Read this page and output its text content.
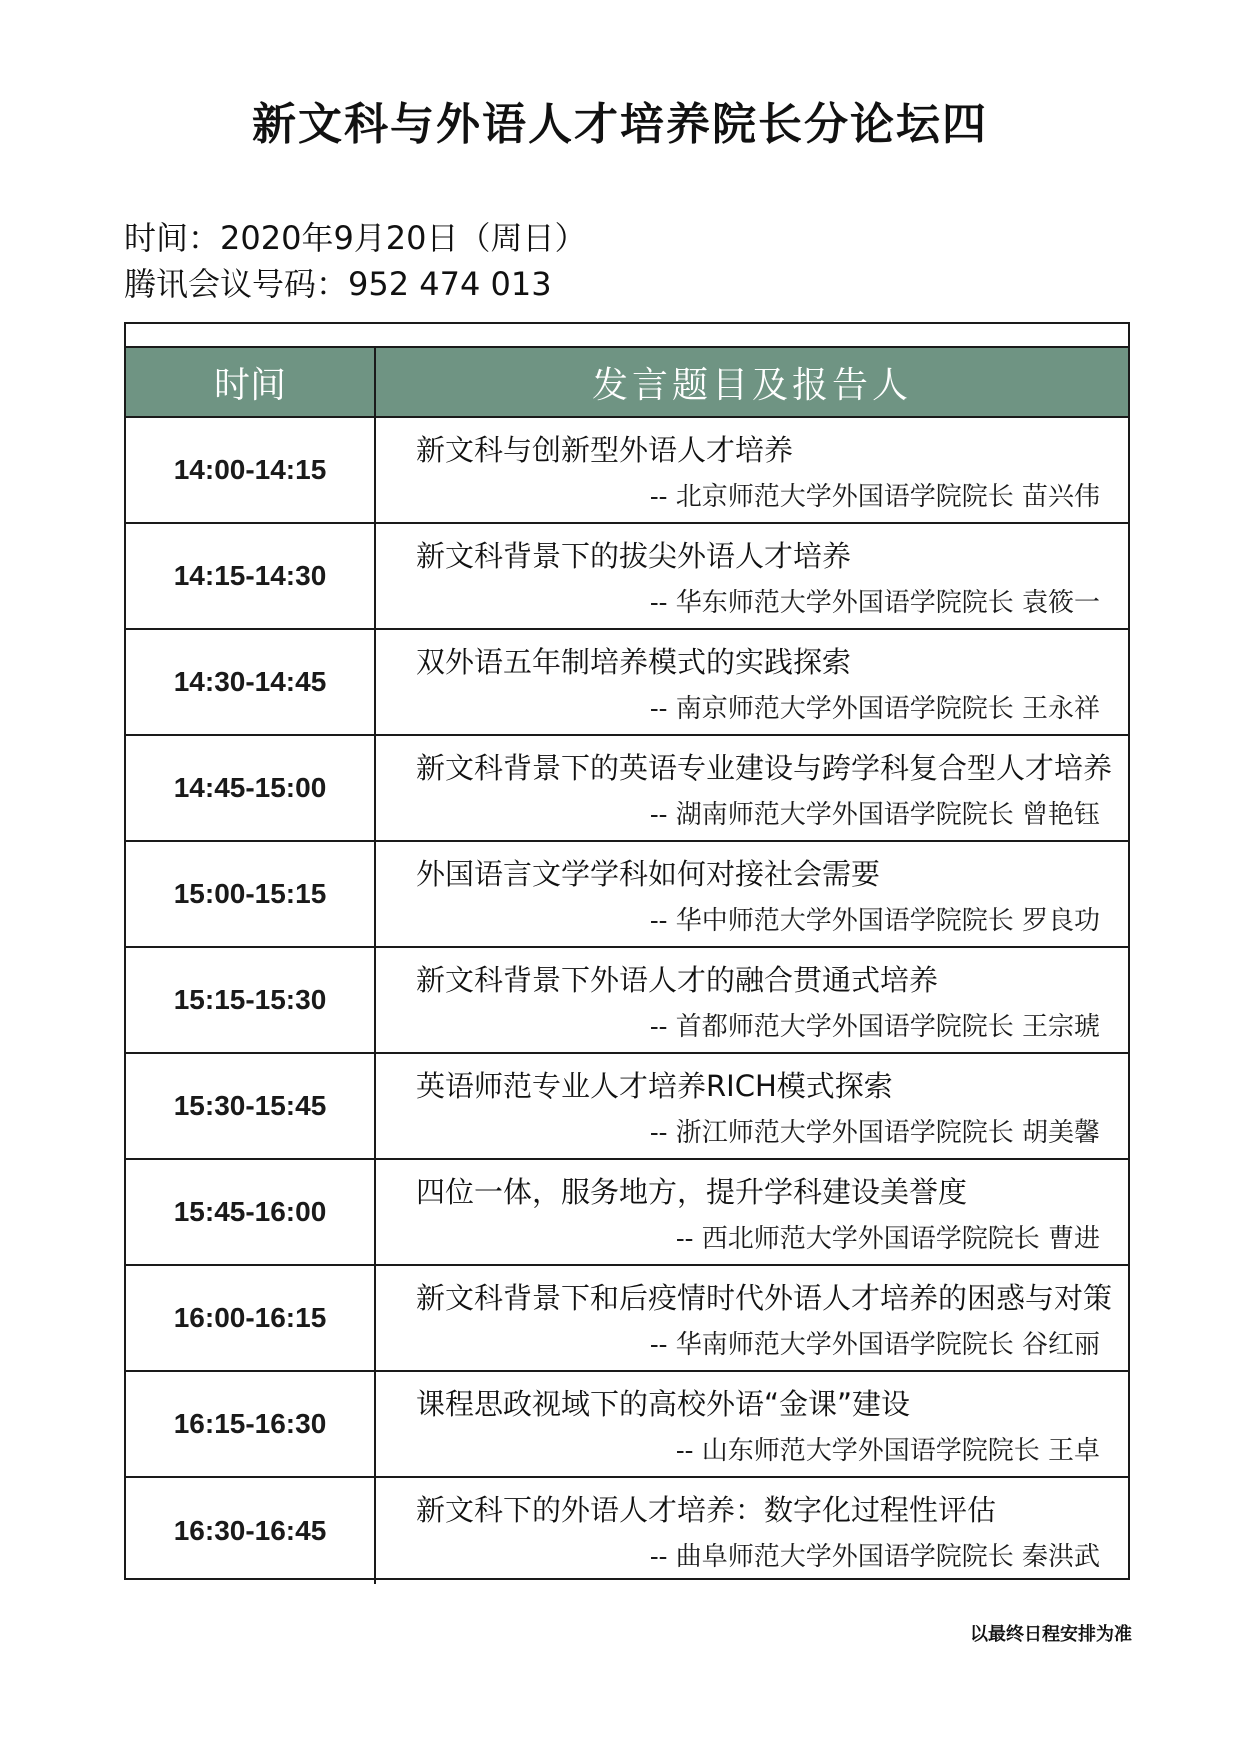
新文科与外语人才培养院长分论坛四
时间：2020年9月20日（周日）
腾讯会议号码：952 474 013
时间	发言题目及报告人
14:00-14:15
新文科与创新型外语人才培养
-- 北京师范大学外国语学院院长 苗兴伟
14:15-14:30
新文科背景下的拔尖外语人才培养
-- 华东师范大学外国语学院院长 袁筱一
14:30-14:45
双外语五年制培养模式的实践探索
-- 南京师范大学外国语学院院长 王永祥
14:45-15:00
新文科背景下的英语专业建设与跨学科复合型人才培养
-- 湖南师范大学外国语学院院长 曾艳钰
15:00-15:15
外国语言文学学科如何对接社会需要
-- 华中师范大学外国语学院院长 罗良功
15:15-15:30
新文科背景下外语人才的融合贯通式培养
-- 首都师范大学外国语学院院长 王宗琥
15:30-15:45
英语师范专业人才培养RICH模式探索
-- 浙江师范大学外国语学院院长 胡美馨
15:45-16:00
四位一体，服务地方，提升学科建设美誉度
-- 西北师范大学外国语学院院长 曹进
16:00-16:15
新文科背景下和后疫情时代外语人才培养的困惑与对策
-- 华南师范大学外国语学院院长 谷红丽
16:15-16:30
课程思政视域下的高校外语“金课”建设
-- 山东师范大学外国语学院院长 王卓
16:30-16:45
新文科下的外语人才培养：数字化过程性评估
-- 曲阜师范大学外国语学院院长 秦洪武
以最终日程安排为准
